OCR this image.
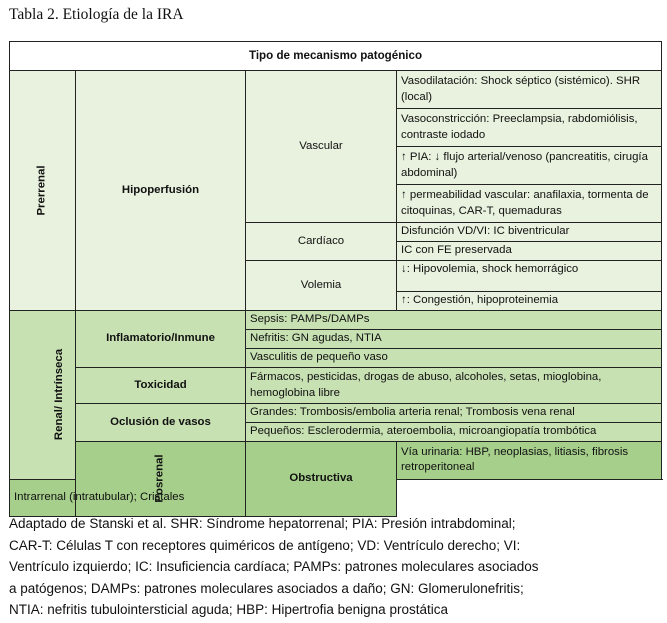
Tabla 2. Etiología de la IRA
Tipo de mecanismo patogénico			
Prerrenal	Hipoperfusión	Vascular	Vasodilatación: Shock séptico (sistémico). SHR (local)
			Vasoconstricción: Preeclampsia, rabdomiólisis, contraste iodado
			↑ PIA: ↓ flujo arterial/venoso (pancreatitis, cirugía abdominal)
			↑ permeabilidad vascular: anafilaxia, tormenta de citoquinas, CAR-T, quemaduras
		Cardíaco	Disfunción VD/VI: IC biventricular
			IC con FE preservada
		Volemia	↓: Hipovolemia, shock hemorrágico
			↑: Congestión, hipoproteinemia
Renal/ Intrínseca	Inflamatorio/Inmune	Sepsis: PAMPs/DAMPs	
		Nefritis: GN agudas, NTIA	
		Vasculitis de pequeño vaso	
	Toxicidad	Fármacos, pesticidas, drogas de abuso, alcoholes, setas, mioglobina, hemoglobina libre	
	Oclusión de vasos	Grandes: Trombosis/embolia arteria renal; Trombosis vena renal	
		Pequeños: Esclerodermia, ateroembolia, microangiopatía trombótica	
	Posrenal	Obstructiva	Vía urinaria: HBP, neoplasias, litiasis, fibrosis retroperitoneal
Intrarrenal (intratubular); Cristales			

Adaptado de Stanski et al. SHR: Síndrome hepatorrenal; PIA: Presión intrabdominal;

CAR-T: Células T con receptores quiméricos de antígeno; VD: Ventrículo derecho; VI:

Ventrículo izquierdo; IC: Insuficiencia cardíaca; PAMPs: patrones moleculares asociados

a patógenos; DAMPs: patrones moleculares asociados a daño; GN: Glomerulonefritis;

NTIA: nefritis tubulointersticial aguda; HBP: Hipertrofia benigna prostática
